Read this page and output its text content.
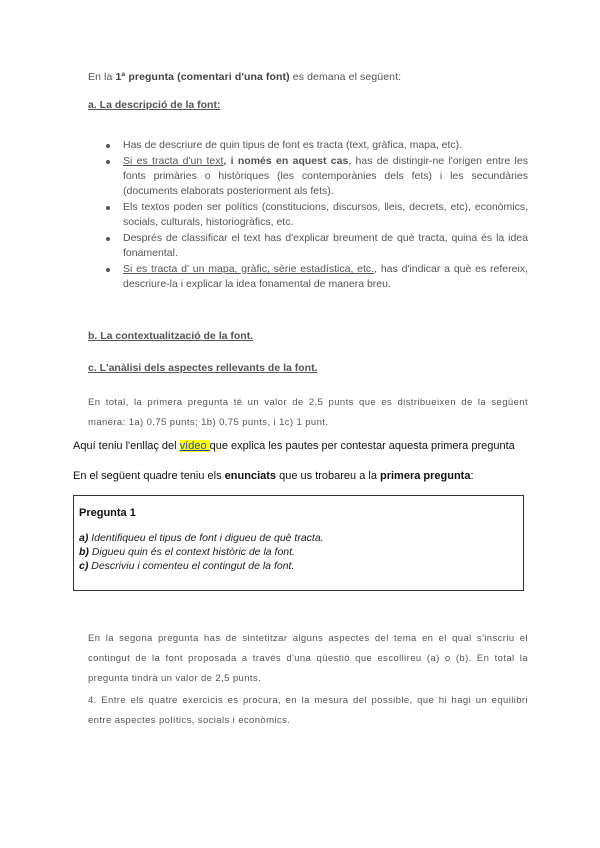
En la 1ª pregunta (comentari d'una font) es demana el següent:
a. La descripció de la font:
Has de descriure de quin tipus de font es tracta (text, gràfica, mapa, etc).
Si es tracta d'un text, i només en aquest cas, has de distingir-ne l'origen entre les fonts primàries o històriques (les contemporànies dels fets) i les secundàries (documents elaborats posteriorment als fets).
Els textos poden ser polítics (constitucions, discursos, lleis, decrets, etc), econòmics, socials, culturals, historiogràfics, etc.
Després de classificar el text has d'explicar breument de què tracta, quina és la idea fonamental.
Si es tracta d' un mapa, gràfic, sèrie estadística, etc., has d'indicar a què es refereix, descriure-la i explicar la idea fonamental de manera breu.
b. La contextualització de la font.
c. L'anàlisi dels aspectes rellevants de la font.
En total, la primera pregunta té un valor de 2,5 punts que es distribueixen de la següent manera: 1a) 0,75 punts; 1b) 0,75 punts, i 1c) 1 punt.
Aquí teniu l'enllaç del vídeo que explica les pautes per contestar aquesta primera pregunta
En el següent quadre teniu els enunciats que us trobareu a la primera pregunta:
Pregunta 1
a) Identifiqueu el tipus de font i digueu de què tracta.
b) Digueu quin és el context històric de la font.
c) Descriviu i comenteu el contingut de la font.
En la segona pregunta has de sintetitzar alguns aspectes del tema en el qual s'inscriu el contingut de la font proposada a través d'una qüestió que escollireu (a) o (b). En total la pregunta tindrà un valor de 2,5 punts.
4. Entre els quatre exercicis es procura, en la mesura del possible, que hi hagi un equilibri entre aspectes polítics, socials i econòmics.
